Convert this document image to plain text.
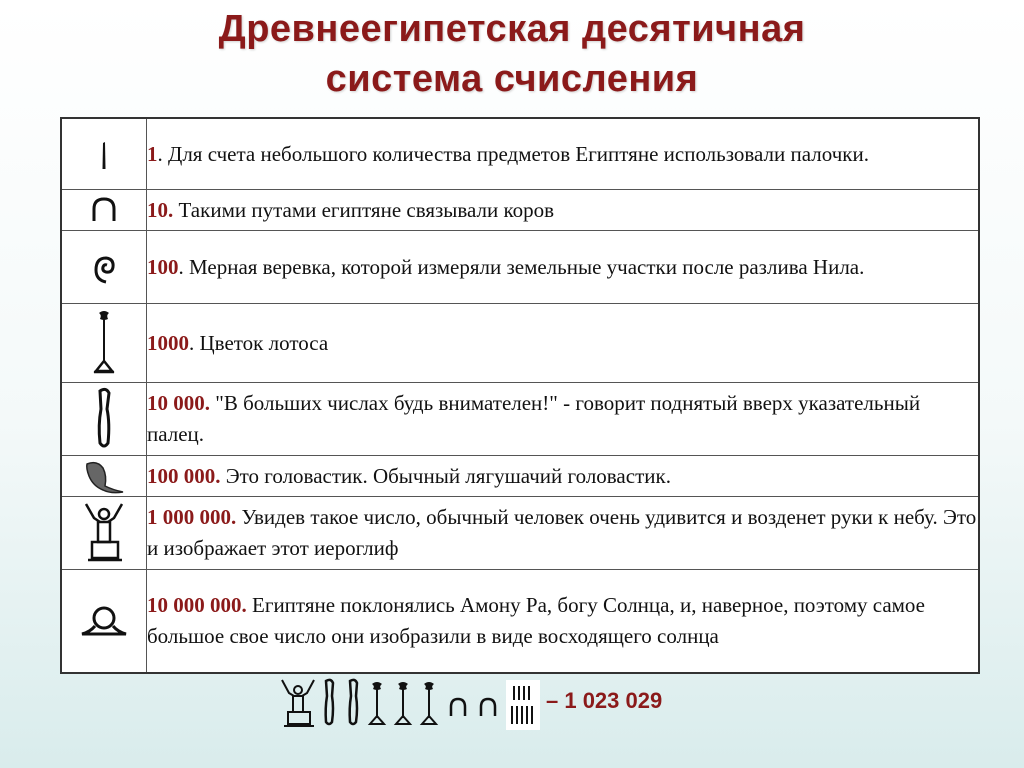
Древнеегипетская десятичная
система счисления
	1. Для счета небольшого количества предметов Египтяне использовали палочки.

	10. Такими путами египтяне связывали коров

	100. Мерная веревка, которой измеряли земельные участки после разлива Нила.

	1000. Цветок лотоса

	10 000. "В больших числах будь внимателен!" - говорит поднятый вверх указательный палец.

	100 000. Это головастик. Обычный лягушачий головастик.

	1 000 000. Увидев такое число, обычный человек очень удивится и возденет руки к небу. Это и изображает этот иероглиф

	10 000 000. Египтяне поклонялись Амону Ра, богу Солнца, и, наверное, поэтому самое большое свое число они изобразили в виде восходящего солнца
– 1 023 029
